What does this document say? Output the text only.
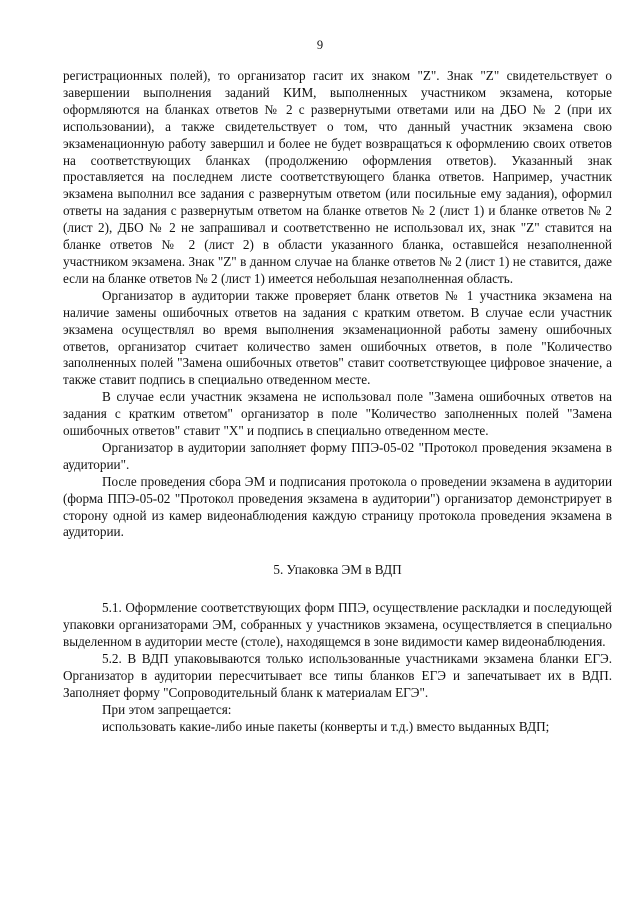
9

регистрационных полей), то организатор гасит их знаком "Z". Знак "Z" свидетельствует о завершении выполнения заданий КИМ, выполненных участником экзамена, которые оформляются на бланках ответов № 2 с развернутыми ответами или на ДБО № 2 (при их использовании), а также свидетельствует о том, что данный участник экзамена свою экзаменационную работу завершил и более не будет возвращаться к оформлению своих ответов на соответствующих бланках (продолжению оформления ответов). Указанный знак проставляется на последнем листе соответствующего бланка ответов. Например, участник экзамена выполнил все задания с развернутым ответом (или посильные ему задания), оформил ответы на задания с развернутым ответом на бланке ответов № 2 (лист 1) и бланке ответов № 2 (лист 2), ДБО № 2 не запрашивал и соответственно не использовал их, знак "Z" ставится на бланке ответов № 2 (лист 2) в области указанного бланка, оставшейся незаполненной участником экзамена. Знак "Z" в данном случае на бланке ответов № 2 (лист 1) не ставится, даже если на бланке ответов № 2 (лист 1) имеется небольшая незаполненная область.

Организатор в аудитории также проверяет бланк ответов № 1 участника экзамена на наличие замены ошибочных ответов на задания с кратким ответом. В случае если участник экзамена осуществлял во время выполнения экзаменационной работы замену ошибочных ответов, организатор считает количество замен ошибочных ответов, в поле "Количество заполненных полей "Замена ошибочных ответов" ставит соответствующее цифровое значение, а также ставит подпись в специально отведенном месте.

В случае если участник экзамена не использовал поле "Замена ошибочных ответов на задания с кратким ответом" организатор в поле "Количество заполненных полей "Замена ошибочных ответов" ставит "X" и подпись в специально отведенном месте.

Организатор в аудитории заполняет форму ППЭ-05-02 "Протокол проведения экзамена в аудитории".

После проведения сбора ЭМ и подписания протокола о проведении экзамена в аудитории (форма ППЭ-05-02 "Протокол проведения экзамена в аудитории") организатор демонстрирует в сторону одной из камер видеонаблюдения каждую страницу протокола проведения экзамена в аудитории.

5. Упаковка ЭМ в ВДП

5.1. Оформление соответствующих форм ППЭ, осуществление раскладки и последующей упаковки организаторами ЭМ, собранных у участников экзамена, осуществляется в специально выделенном в аудитории месте (столе), находящемся в зоне видимости камер видеонаблюдения.

5.2. В ВДП упаковываются только использованные участниками экзамена бланки ЕГЭ. Организатор в аудитории пересчитывает все типы бланков ЕГЭ и запечатывает их в ВДП. Заполняет форму "Сопроводительный бланк к материалам ЕГЭ".

При этом запрещается:

использовать какие-либо иные пакеты (конверты и т.д.) вместо выданных ВДП;
